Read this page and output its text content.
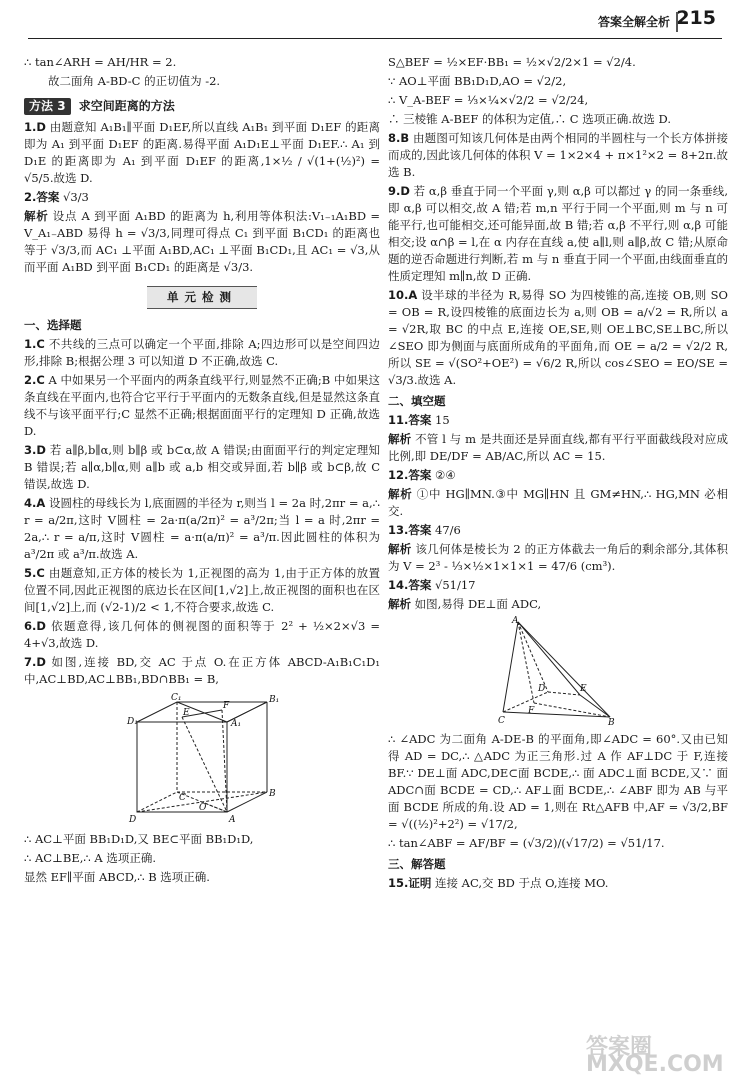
答案全解全析 215

∴ tan∠ARH = AH/HR = 2.

故二面角 A-BD-C 的正切值为 -2.

方法 3 求空间距离的方法

1.D 由题意知 A₁B₁∥平面 D₁EF,所以直线 A₁B₁ 到平面 D₁EF 的距离即为 A₁ 到平面 D₁EF 的距离.易得平面 A₁D₁E⊥平面 D₁EF.∴ A₁ 到 D₁E 的距离即为 A₁ 到平面 D₁EF 的距离,1×½ / √(1+(½)²) = √5/5.故选 D.

2.答案 √3/3

解析 设点 A 到平面 A₁BD 的距离为 h,利用等体积法:V₁₋₁A₁BD = V_A₁₋ABD 易得 h = √3/3,同理可得点 C₁ 到平面 B₁CD₁ 的距离也等于 √3/3,而 AC₁ ⊥平面 A₁BD,AC₁ ⊥平面 B₁CD₁,且 AC₁ = √3,从而平面 A₁BD 到平面 B₁CD₁ 的距离是 √3/3.

单元检测
一、选择题

1.C 不共线的三点可以确定一个平面,排除 A;四边形可以是空间四边形,排除 B;根据公理 3 可以知道 D 不正确,故选 C.

2.C A 中如果另一个平面内的两条直线平行,则显然不正确;B 中如果这条直线在平面内,也符合它平行于平面内的无数条直线,但是显然这条直线不与该平面平行;C 显然不正确;根据面面平行的定理知 D 正确,故选 D.

3.D 若 a∥β,b∥α,则 b∥β 或 b⊂α,故 A 错误;由面面平行的判定定理知 B 错误;若 a∥α,b∥α,则 a∥b 或 a,b 相交或异面,若 b∥β 或 b⊂β,故 C 错误,故选 D.

4.A 设圆柱的母线长为 l,底面圆的半径为 r,则当 l = 2a 时,2πr = a,∴ r = a/2π,这时 V圆柱 = 2a·π(a/2π)² = a³/2π;当 l = a 时,2πr = 2a,∴ r = a/π,这时 V圆柱 = a·π(a/π)² = a³/π.因此圆柱的体积为 a³/2π 或 a³/π.故选 A.

5.C 由题意知,正方体的棱长为 1,正视图的高为 1,由于正方体的放置位置不同,因此正视图的底边长在区间[1,√2]上,故正视图的面积也在区间[1,√2]上,而 (√2-1)/2 < 1,不符合要求,故选 C.

6.D 依题意得,该几何体的侧视图的面积等于 2² + ½×2×√3 = 4+√3,故选 D.

7.D 如图,连接 BD,交 AC 于点 O.在正方体 ABCD-A₁B₁C₁D₁ 中,AC⊥BD,AC⊥BB₁,BD∩BB₁ = B,

C₁	B₁
D₁
E
F
A₁
C
D
O
B
A

∴ AC⊥平面 BB₁D₁D,又 BE⊂平面 BB₁D₁D,

∴ AC⊥BE,∴ A 选项正确.

显然 EF∥平面 ABCD,∴ B 选项正确.

S△BEF = ½×EF·BB₁ = ½×√2/2×1 = √2/4.

∵ AO⊥平面 BB₁D₁D,AO = √2/2,

∴ V_A-BEF = ⅓×¼×√2/2 = √2/24,

∴ 三棱锥 A-BEF 的体积为定值,∴ C 选项正确.故选 D.

8.B 由题图可知该几何体是由两个相同的半圆柱与一个长方体拼接而成的,因此该几何体的体积 V = 1×2×4 + π×1²×2 = 8+2π.故选 B.

9.D 若 α,β 垂直于同一个平面 γ,则 α,β 可以都过 γ 的同一条垂线,即 α,β 可以相交,故 A 错;若 m,n 平行于同一个平面,则 m 与 n 可能平行,也可能相交,还可能异面,故 B 错;若 α,β 不平行,则 α,β 可能相交;设 α∩β = l,在 α 内存在直线 a,使 a∥l,则 a∥β,故 C 错;从原命题的逆否命题进行判断,若 m 与 n 垂直于同一个平面,由线面垂直的性质定理知 m∥n,故 D 正确.

10.A 设半球的半径为 R,易得 SO 为四棱锥的高,连接 OB,则 SO = OB = R,设四棱锥的底面边长为 a,则 OB = a/√2 = R,所以 a = √2R,取 BC 的中点 E,连接 OE,SE,则 OE⊥BC,SE⊥BC,所以∠SEO 即为侧面与底面所成角的平面角,而 OE = a/2 = √2/2 R,所以 SE = √(SO²+OE²) = √6/2 R,所以 cos∠SEO = EO/SE = √3/3.故选 A.

二、填空题

11.答案 15

解析 不管 l 与 m 是共面还是异面直线,都有平行平面截线段对应成比例,即 DE/DF = AB/AC,所以 AC = 15.

12.答案 ②④

解析 ①中 HG∥MN.③中 MG∥HN 且 GM≠HN,∴ HG,MN 必相交.

13.答案 47/6

解析 该几何体是棱长为 2 的正方体截去一角后的剩余部分,其体积为 V = 2³ - ⅓×½×1×1×1 = 47/6 (cm³).

14.答案 √51/17

解析 如图,易得 DE⊥面 ADC,

A
D	E
F
C	B

∴ ∠ADC 为二面角 A-DE-B 的平面角,即∠ADC = 60°.又由已知得 AD = DC,∴ △ADC 为正三角形.过 A 作 AF⊥DC 于 F,连接 BF.∵ DE⊥面 ADC,DE⊂面 BCDE,∴ 面 ADC⊥面 BCDE,又∵ 面 ADC∩面 BCDE = CD,∴ AF⊥面 BCDE,∴ ∠ABF 即为 AB 与平面 BCDE 所成的角.设 AD = 1,则在 Rt△AFB 中,AF = √3/2,BF = √((½)²+2²) = √17/2,

∴ tan∠ABF = AF/BF = (√3/2)/(√17/2) = √51/17.

三、解答题

15.证明 连接 AC,交 BD 于点 O,连接 MO.

答案圈 MXQE.COM
